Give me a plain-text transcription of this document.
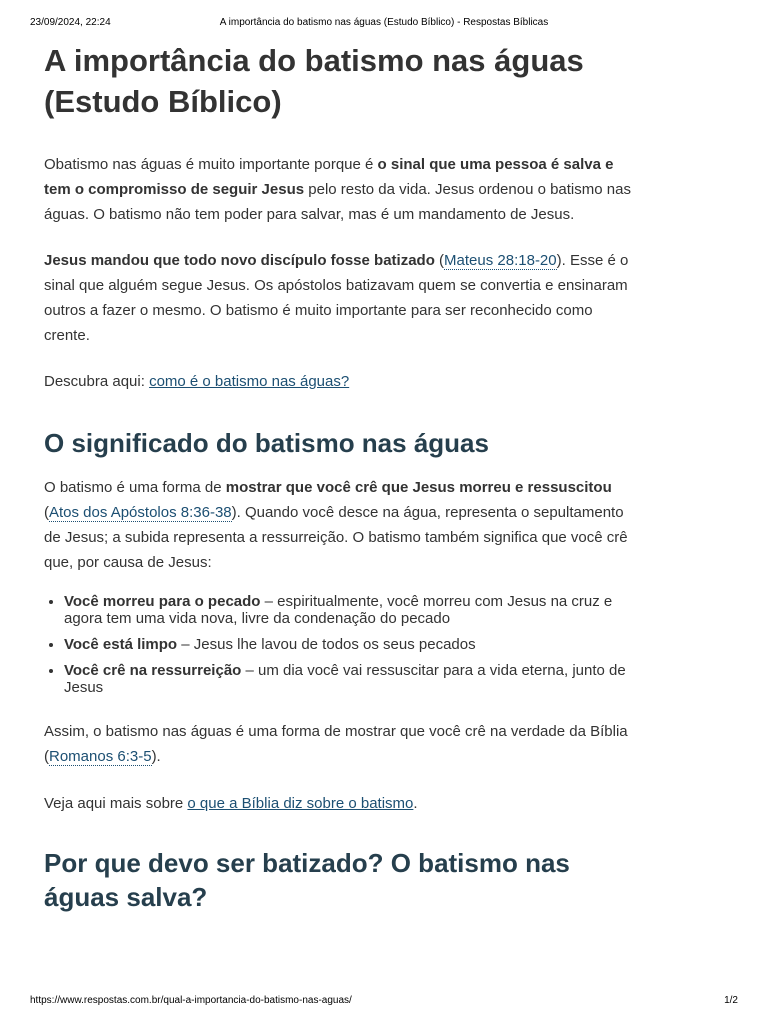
23/09/2024, 22:24	A importância do batismo nas águas (Estudo Bíblico) - Respostas Bíblicas
A importância do batismo nas águas (Estudo Bíblico)

Obatismo nas águas é muito importante porque é o sinal que uma pessoa é salva e tem o compromisso de seguir Jesus pelo resto da vida. Jesus ordenou o batismo nas águas. O batismo não tem poder para salvar, mas é um mandamento de Jesus.

Jesus mandou que todo novo discípulo fosse batizado (Mateus 28:18-20). Esse é o sinal que alguém segue Jesus. Os apóstolos batizavam quem se convertia e ensinaram outros a fazer o mesmo. O batismo é muito importante para ser reconhecido como crente.

Descubra aqui: como é o batismo nas águas?

O significado do batismo nas águas

O batismo é uma forma de mostrar que você crê que Jesus morreu e ressuscitou (Atos dos Apóstolos 8:36-38). Quando você desce na água, representa o sepultamento de Jesus; a subida representa a ressurreição. O batismo também significa que você crê que, por causa de Jesus:

• Você morreu para o pecado – espiritualmente, você morreu com Jesus na cruz e agora tem uma vida nova, livre da condenação do pecado
• Você está limpo – Jesus lhe lavou de todos os seus pecados
• Você crê na ressurreição – um dia você vai ressuscitar para a vida eterna, junto de Jesus

Assim, o batismo nas águas é uma forma de mostrar que você crê na verdade da Bíblia (Romanos 6:3-5).

Veja aqui mais sobre o que a Bíblia diz sobre o batismo.

Por que devo ser batizado? O batismo nas águas salva?
https://www.respostas.com.br/qual-a-importancia-do-batismo-nas-aguas/	1/2
